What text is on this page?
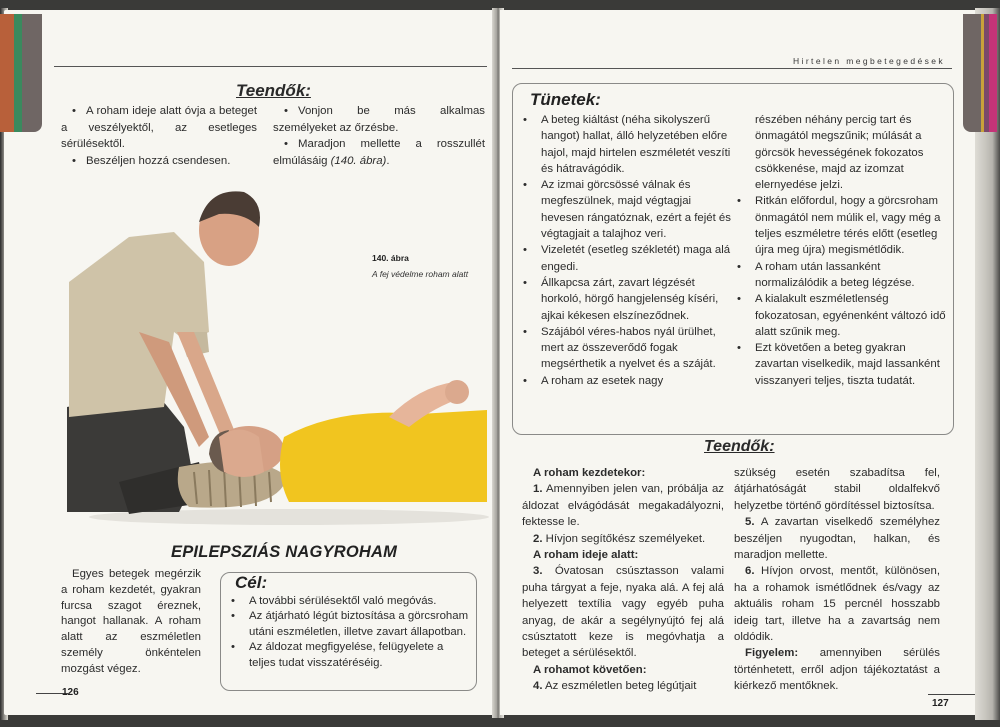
Teendők:

• A roham ideje alatt óvja a beteget a veszélyektől, az esetleges sérülésektől.

• Beszéljen hozzá csendesen.

• Vonjon be más alkalmas személyeket az őrzésbe.

• Maradjon mellette a rosszullét elmúlásáig (140. ábra).

140. ábra
A fej védelme roham alatt
EPILEPSZIÁS NAGYROHAM

Egyes betegek megérzik a roham kezdetét, gyakran furcsa szagot éreznek, hangot hallanak. A roham alatt az eszméletlen személy önkéntelen mozgást végez.

Cél:
• A további sérülésektől való megóvás.
• Az átjárható légút biztosítása a görcsroham utáni eszméletlen, illetve zavart állapotban.
• Az áldozat megfigyelése, felügyelete a teljes tudat visszatéréséig.
126
Hirtelen megbetegedések
Tünetek:
• A beteg kiáltást (néha sikolyszerű hangot) hallat, álló helyzetében előre hajol, majd hirtelen eszméletét veszíti és hátravágódik.
• Az izmai görcsössé válnak és megfeszülnek, majd végtagjai hevesen rángatóznak, ezért a fejét és végtagjait a talajhoz veri.
• Vizeletét (esetleg székletét) maga alá engedi.
• Állkapcsa zárt, zavart légzését horkoló, hörgő hangjelenség kíséri, ajkai kékesen elszíneződnek.
• Szájából véres-habos nyál ürülhet, mert az összeverődő fogak megsérthetik a nyelvet és a száját.
• A roham az esetek nagy
részében néhány percig tart és önmagától megszűnik; múlását a görcsök hevességének fokozatos csökkenése, majd az izomzat elernyedése jelzi.
• Ritkán előfordul, hogy a görcsroham önmagától nem múlik el, vagy még a teljes eszméletre térés előtt (esetleg újra meg újra) megismétlődik.
• A roham után lassanként normalizálódik a beteg légzése.
• A kialakult eszméletlenség fokozatosan, egyénenként változó idő alatt szűnik meg.
• Ezt követően a beteg gyakran zavartan viselkedik, majd lassanként visszanyeri teljes, tiszta tudatát.
Teendők:

A roham kezdetekor:

1. Amennyiben jelen van, próbálja az áldozat elvágódását megakadályozni, fektesse le.

2. Hívjon segítőkész személyeket.

A roham ideje alatt:

3. Óvatosan csúsztasson valami puha tárgyat a feje, nyaka alá. A fej alá helyezett textília vagy egyéb puha anyag, de akár a segélynyújtó fej alá csúsztatott keze is megóvhatja a beteget a sérülésektől.

A rohamot követően:

4. Az eszméletlen beteg légútjait

szükség esetén szabadítsa fel, átjárhatóságát stabil oldalfekvő helyzetbe történő gördítéssel biztosítsa.

5. A zavartan viselkedő személyhez beszéljen nyugodtan, halkan, és maradjon mellette.

6. Hívjon orvost, mentőt, különösen, ha a rohamok ismétlődnek és/vagy az aktuális roham 15 percnél hosszabb ideig tart, illetve ha a zavartság nem oldódik.

Figyelem: amennyiben sérülés történhetett, erről adjon tájékoztatást a kiérkező mentőknek.

127
